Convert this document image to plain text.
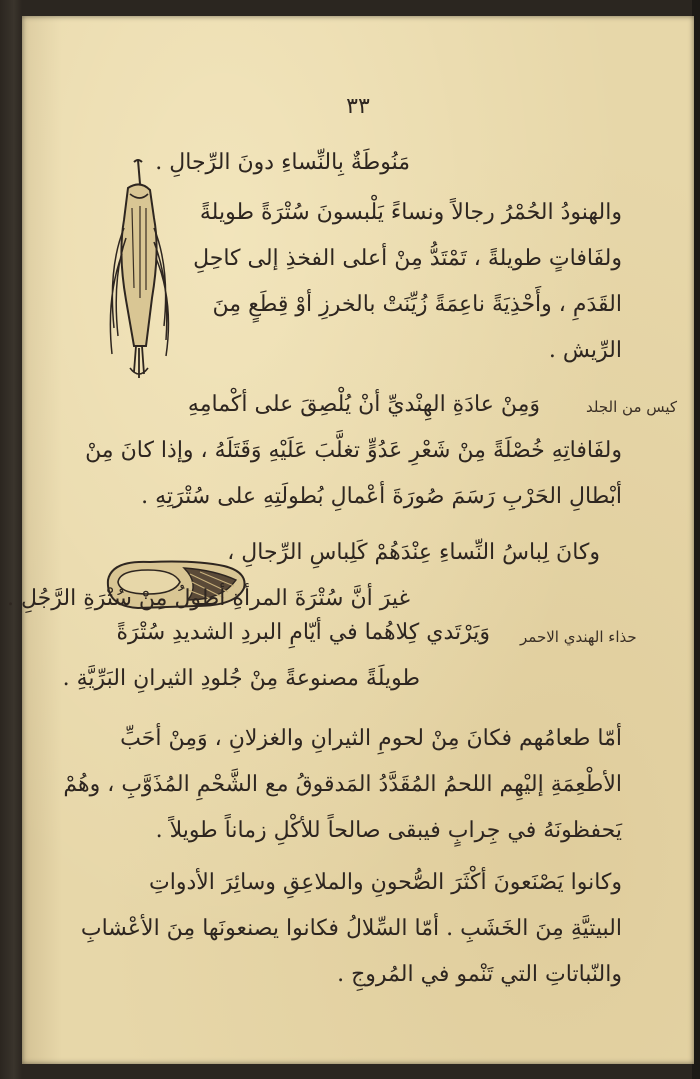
٣٣
مَنُوطَةٌ بِالنِّساءِ دونَ الرِّجالِ .
والهنودُ الحُمْرُ رجالاً ونساءً يَلْبسونَ سُتْرَةً طويلةً
ولفَافاتٍ طويلةً ، تَمْتَدُّ مِنْ أعلى الفخذِ إلى كاحِلِ
القَدَمِ ، وأَحْذِيَةً ناعِمَةً زُيِّنَتْ بالخرزِ أوْ قِطَعٍ مِنَ
الرِّيش .
وَمِنْ عادَةِ الهِنْديِّ أنْ يُلْصِقَ على أكْمامِهِ	كيس من الجلد
ولفَافاتِهِ خُصْلَةً مِنْ شَعْرِ عَدُوٍّ تغلَّبَ عَلَيْهِ وَقَتَلَهُ ، وإذا كانَ مِنْ
أبْطالِ الحَرْبِ رَسَمَ صُورَةَ أعْمالِ بُطولَتِهِ على سُتْرَتِهِ .
وكانَ لِباسُ النِّساءِ عِنْدَهُمْ كَلِباسِ الرِّجالِ ،
غيرَ أنَّ سُتْرَةَ المرأةِ أطولُ مِنْ سُتْرَةِ الرَّجُلِ .
وَيَرْتَدي كِلاهُما في أيّامِ البردِ الشديدِ سُتْرَةً حذاء الهندي الاحمر
طويلَةً مصنوعةً مِنْ جُلودِ الثيرانِ البَرِّيَّةِ .
أمّا طعامُهم فكانَ مِنْ لحومِ الثيرانِ والغزلانِ ، وَمِنْ أحَبِّ
الأطْعِمَةِ إليْهِم اللحمُ المُقَدَّدُ المَدقوقُ مع الشَّحْمِ المُذَوَّبِ ، وهُمْ
يَحفظونَهُ في جِرابٍ فيبقى صالحاً للأكْلِ زماناً طويلاً .
وكانوا يَصْنَعونَ أكْثَرَ الصُّحونِ والملاعِقِ وسائِرَ الأدواتِ
البيتيَّةِ مِنَ الخَشَبِ . أمّا السِّلالُ فكانوا يصنعونَها مِنَ الأعْشابِ
والنّباتاتِ التي تَنْمو في المُروجِ .
